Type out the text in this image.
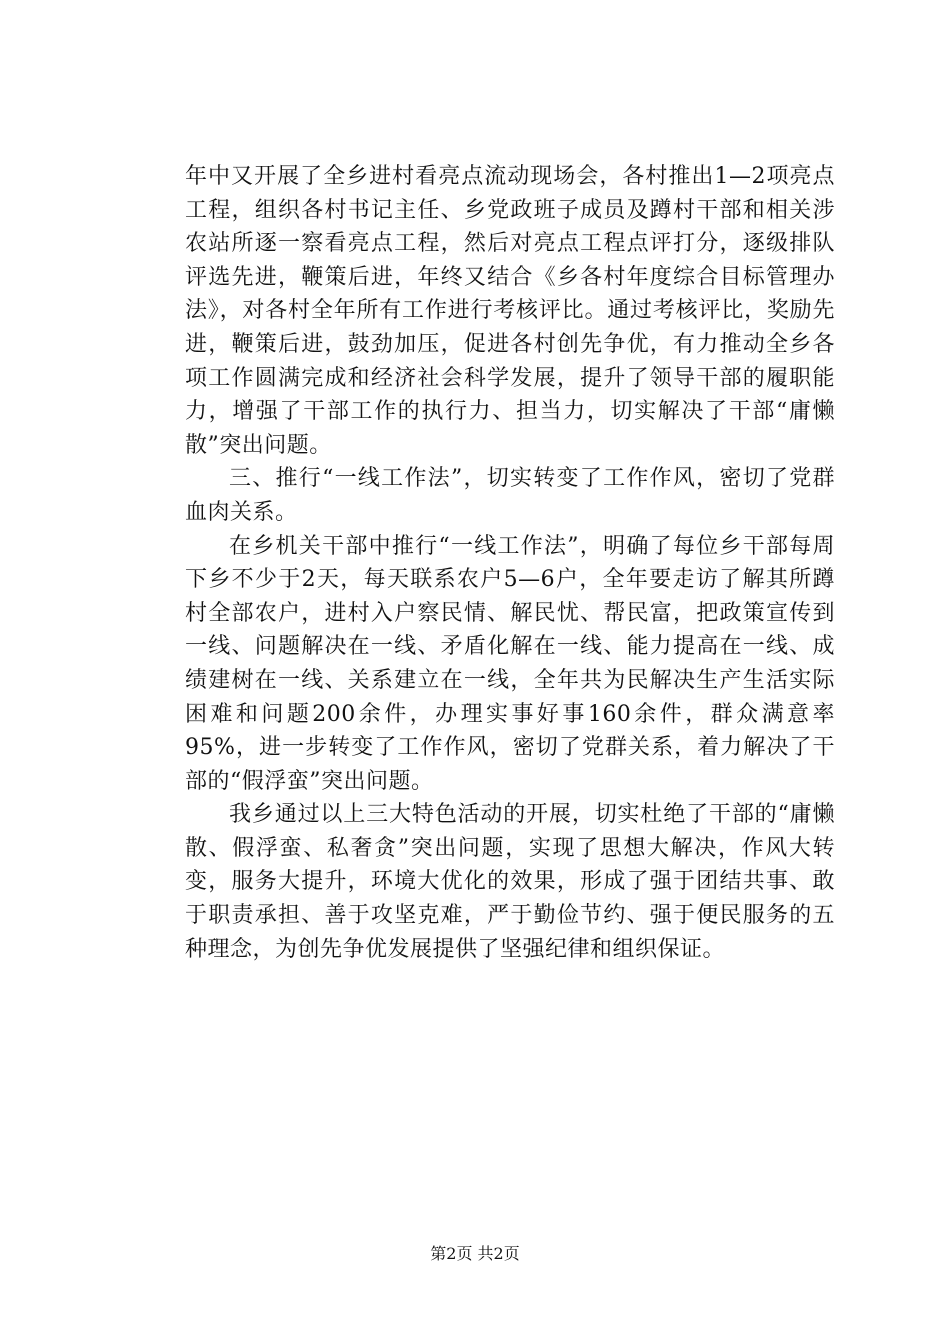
年中又开展了全乡进村看亮点流动现场会，各村推出1—2项亮点工程，组织各村书记主任、乡党政班子成员及蹲村干部和相关涉农站所逐一察看亮点工程，然后对亮点工程点评打分，逐级排队评选先进，鞭策后进，年终又结合《乡各村年度综合目标管理办法》，对各村全年所有工作进行考核评比。通过考核评比，奖励先进，鞭策后进，鼓劲加压，促进各村创先争优，有力推动全乡各项工作圆满完成和经济社会科学发展，提升了领导干部的履职能力，增强了干部工作的执行力、担当力，切实解决了干部“庸懒散”突出问题。

三、推行“一线工作法”，切实转变了工作作风，密切了党群血肉关系。

在乡机关干部中推行“一线工作法”，明确了每位乡干部每周下乡不少于2天，每天联系农户5—6户，全年要走访了解其所蹲村全部农户，进村入户察民情、解民忧、帮民富，把政策宣传到一线、问题解决在一线、矛盾化解在一线、能力提高在一线、成绩建树在一线、关系建立在一线，全年共为民解决生产生活实际困难和问题200余件，办理实事好事160余件，群众满意率95%，进一步转变了工作作风，密切了党群关系，着力解决了干部的“假浮蛮”突出问题。

我乡通过以上三大特色活动的开展，切实杜绝了干部的“庸懒散、假浮蛮、私奢贪”突出问题，实现了思想大解决，作风大转变，服务大提升，环境大优化的效果，形成了强于团结共事、敢于职责承担、善于攻坚克难，严于勤俭节约、强于便民服务的五种理念，为创先争优发展提供了坚强纪律和组织保证。

第2页 共2页
